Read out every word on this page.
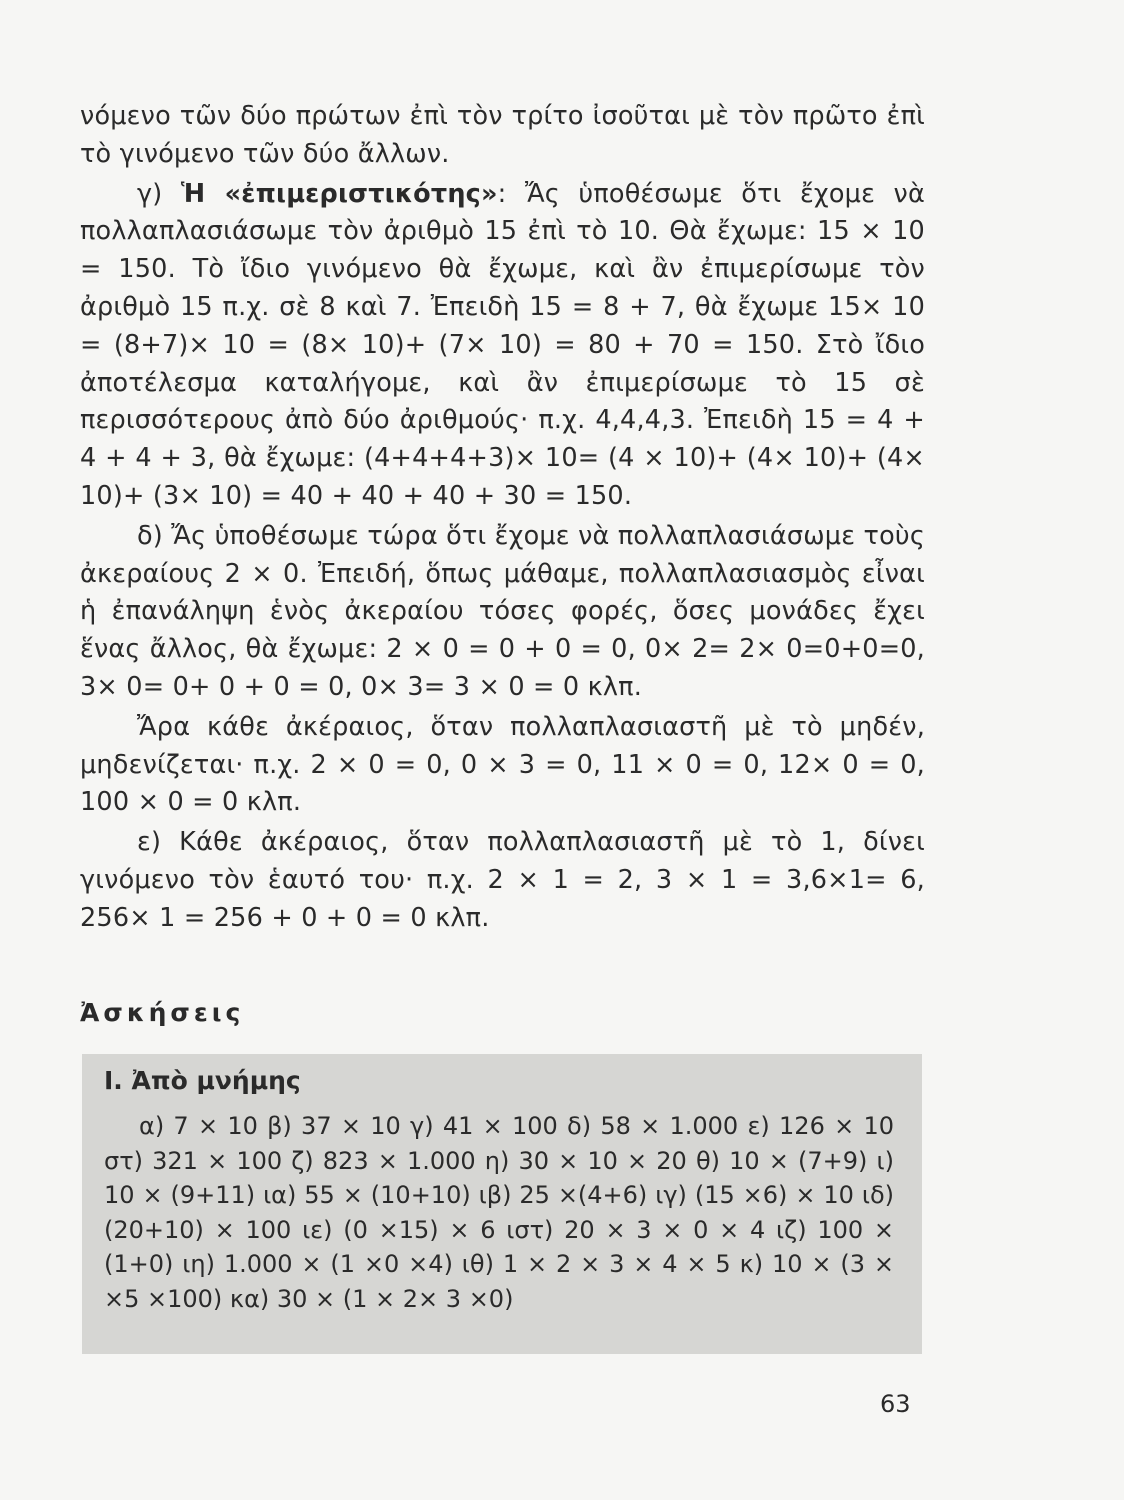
νόμενο τῶν δύο πρώτων ἐπὶ τὸν τρίτο ἰσοῦται μὲ τὸν πρῶτο ἐπὶ τὸ γινόμενο τῶν δύο ἄλλων.

γ) Ἡ «ἐπιμεριστικότης»: Ἄς ὑποθέσωμε ὅτι ἔχομε νὰ πολλαπλασιάσωμε τὸν ἀριθμὸ 15 ἐπὶ τὸ 10. Θὰ ἔχωμε: 15 × 10 = 150. Τὸ ἴδιο γινόμενο θὰ ἔχωμε, καὶ ἂν ἐπιμερίσωμε τὸν ἀριθμὸ 15 π.χ. σὲ 8 καὶ 7. Ἐπειδὴ 15 = 8 + 7, θὰ ἔχωμε 15× 10 = (8+7)× 10 = (8× 10)+ (7× 10) = 80 + 70 = 150. Στὸ ἴδιο ἀποτέλεσμα καταλήγομε, καὶ ἂν ἐπιμερίσωμε τὸ 15 σὲ περισσότερους ἀπὸ δύο ἀριθμούς· π.χ. 4,4,4,3. Ἐπειδὴ 15 = 4 + 4 + 4 + 3, θὰ ἔχωμε: (4+4+4+3)× 10= (4 × 10)+ (4× 10)+ (4× 10)+ (3× 10) = 40 + 40 + 40 + 30 = 150.

δ) Ἄς ὑποθέσωμε τώρα ὅτι ἔχομε νὰ πολλαπλασιάσωμε τοὺς ἀκεραίους 2 × 0. Ἐπειδή, ὅπως μάθαμε, πολλαπλασιασμὸς εἶναι ἡ ἐπανάληψη ἑνὸς ἀκεραίου τόσες φορές, ὅσες μονάδες ἔχει ἕνας ἄλλος, θὰ ἔχωμε: 2 × 0 = 0 + 0 = 0, 0× 2= 2× 0=0+0=0, 3× 0= 0+ 0 + 0 = 0, 0× 3= 3 × 0 = 0 κλπ.

Ἄρα κάθε ἀκέραιος, ὅταν πολλαπλασιαστῆ μὲ τὸ μηδέν, μηδενίζεται· π.χ. 2 × 0 = 0, 0 × 3 = 0, 11 × 0 = 0, 12× 0 = 0, 100 × 0 = 0 κλπ.

ε) Κάθε ἀκέραιος, ὅταν πολλαπλασιαστῆ μὲ τὸ 1, δίνει γινόμενο τὸν ἑαυτό του· π.χ. 2 × 1 = 2, 3 × 1 = 3,6×1= 6, 256× 1 = 256 + 0 + 0 = 0 κλπ.

Ἀσκήσεις
Ι. Ἀπὸ μνήμης

α) 7 × 10 β) 37 × 10 γ) 41 × 100 δ) 58 × 1.000 ε) 126 × 10 στ) 321 × 100 ζ) 823 × 1.000 η) 30 × 10 × 20 θ) 10 × (7+9) ι) 10 × (9+11) ια) 55 × (10+10) ιβ) 25 ×(4+6) ιγ) (15 ×6) × 10 ιδ) (20+10) × 100 ιε) (0 ×15) × 6 ιστ) 20 × 3 × 0 × 4 ιζ) 100 × (1+0) ιη) 1.000 × (1 ×0 ×4) ιθ) 1 × 2 × 3 × 4 × 5 κ) 10 × (3 × ×5 ×100) κα) 30 × (1 × 2× 3 ×0)

63
